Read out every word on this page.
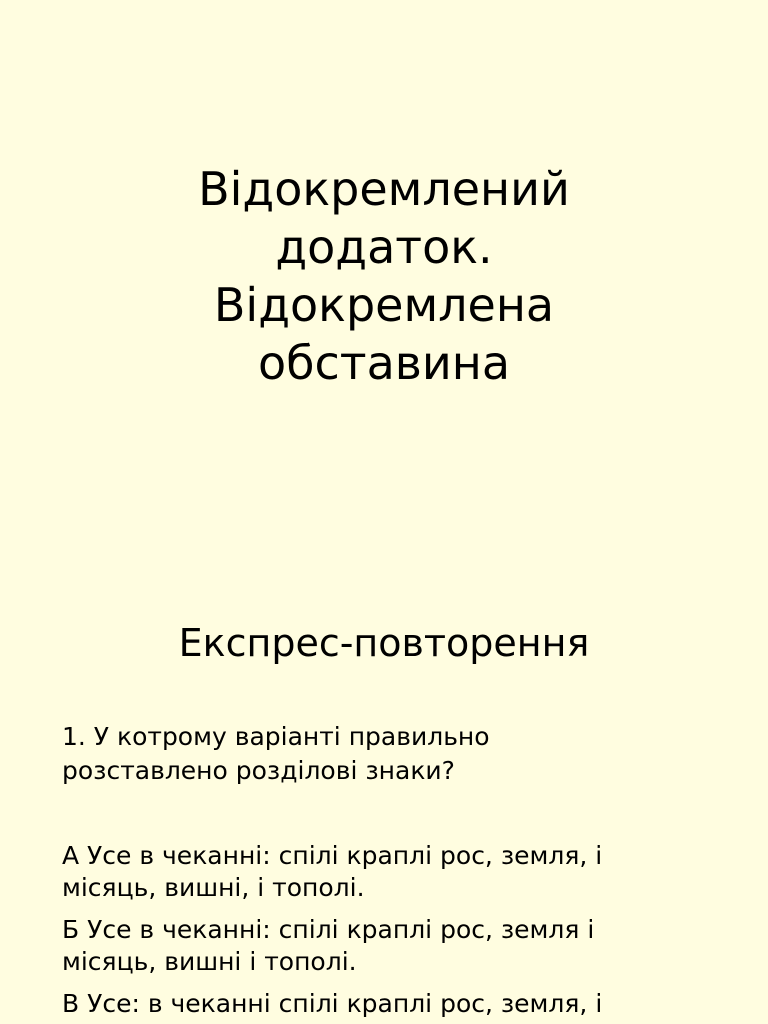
Відокремлений
додаток.
Відокремлена
обставина
Експрес-повторення

1. У котрому варіанті правильно
розставлено розділові знаки?

А Усе в чеканні: спілі краплі рос, земля, і
місяць, вишні, і тополі.
Б Усе в чеканні: спілі краплі рос, земля і
місяць, вишні і тополі.
В Усе: в чеканні спілі краплі рос, земля, і
